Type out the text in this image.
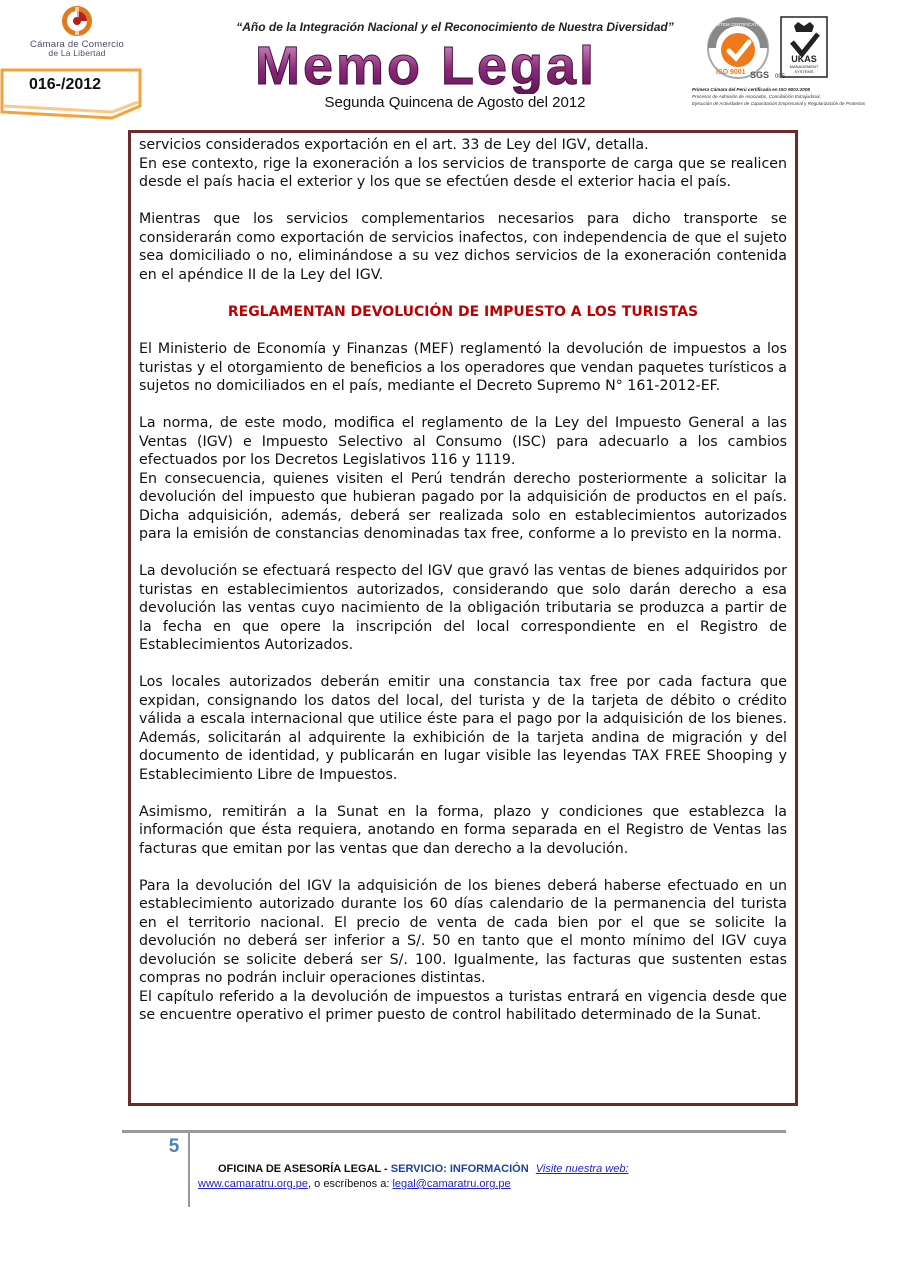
Cámara de Comercio
de La Libertad
016-/2012
“Año de la Integración Nacional y el Reconocimiento de Nuestra Diversidad”
Memo Legal
Segunda Quincena de Agosto del 2012
SYSTEM CERTIFICATION
ISO 9001 SGS
UKAS
MANAGEMENT
SYSTEMS
005
Primera Cámara del Perú certificada en ISO 9001:2008
Procesos de Admisión de Asociados, Conciliación Extrajudicial,
Ejecución de Actividades de Capacitación Empresarial y Regularización de Protestos

servicios considerados exportación en el art. 33 de Ley del IGV, detalla.

En ese contexto, rige la exoneración a los servicios de transporte de carga que se realicen desde el país hacia el exterior y los que se efectúen desde el exterior hacia el país.

Mientras que los servicios complementarios necesarios para dicho transporte se considerarán como exportación de servicios inafectos, con independencia de que el sujeto sea domiciliado o no, eliminándose a su vez dichos servicios de la exoneración contenida en el apéndice II de la Ley del IGV.

REGLAMENTAN DEVOLUCIÓN DE IMPUESTO A LOS TURISTAS

El Ministerio de Economía y Finanzas (MEF) reglamentó la devolución de impuestos a los turistas y el otorgamiento de beneficios a los operadores que vendan paquetes turísticos a sujetos no domiciliados en el país, mediante el Decreto Supremo N° 161-2012-EF.

La norma, de este modo, modifica el reglamento de la Ley del Impuesto General a las Ventas (IGV) e Impuesto Selectivo al Consumo (ISC) para adecuarlo a los cambios efectuados por los Decretos Legislativos 116 y 1119.

En consecuencia, quienes visiten el Perú tendrán derecho posteriormente a solicitar la devolución del impuesto que hubieran pagado por la adquisición de productos en el país. Dicha adquisición, además, deberá ser realizada solo en establecimientos autorizados para la emisión de constancias denominadas tax free, conforme a lo previsto en la norma.

La devolución se efectuará respecto del IGV que gravó las ventas de bienes adquiridos por turistas en establecimientos autorizados, considerando que solo darán derecho a esa devolución las ventas cuyo nacimiento de la obligación tributaria se produzca a partir de la fecha en que opere la inscripción del local correspondiente en el Registro de Establecimientos Autorizados.

Los locales autorizados deberán emitir una constancia tax free por cada factura que expidan, consignando los datos del local, del turista y de la tarjeta de débito o crédito válida a escala internacional que utilice éste para el pago por la adquisición de los bienes. Además, solicitarán al adquirente la exhibición de la tarjeta andina de migración y del documento de identidad, y publicarán en lugar visible las leyendas TAX FREE Shooping y Establecimiento Libre de Impuestos.

Asimismo, remitirán a la Sunat en la forma, plazo y condiciones que establezca la información que ésta requiera, anotando en forma separada en el Registro de Ventas las facturas que emitan por las ventas que dan derecho a la devolución.

Para la devolución del IGV la adquisición de los bienes deberá haberse efectuado en un establecimiento autorizado durante los 60 días calendario de la permanencia del turista en el territorio nacional. El precio de venta de cada bien por el que se solicite la devolución no deberá ser inferior a S/. 50 en tanto que el monto mínimo del IGV cuya devolución se solicite deberá ser S/. 100. Igualmente, las facturas que sustenten estas compras no podrán incluir operaciones distintas.

El capítulo referido a la devolución de impuestos a turistas entrará en vigencia desde que se encuentre operativo el primer puesto de control habilitado determinado de la Sunat.

5
OFICINA DE ASESORÍA LEGAL - SERVICIO: INFORMACIÓN Visite nuestra web:
www.camaratru.org.pe, o escríbenos a: legal@camaratru.org.pe
